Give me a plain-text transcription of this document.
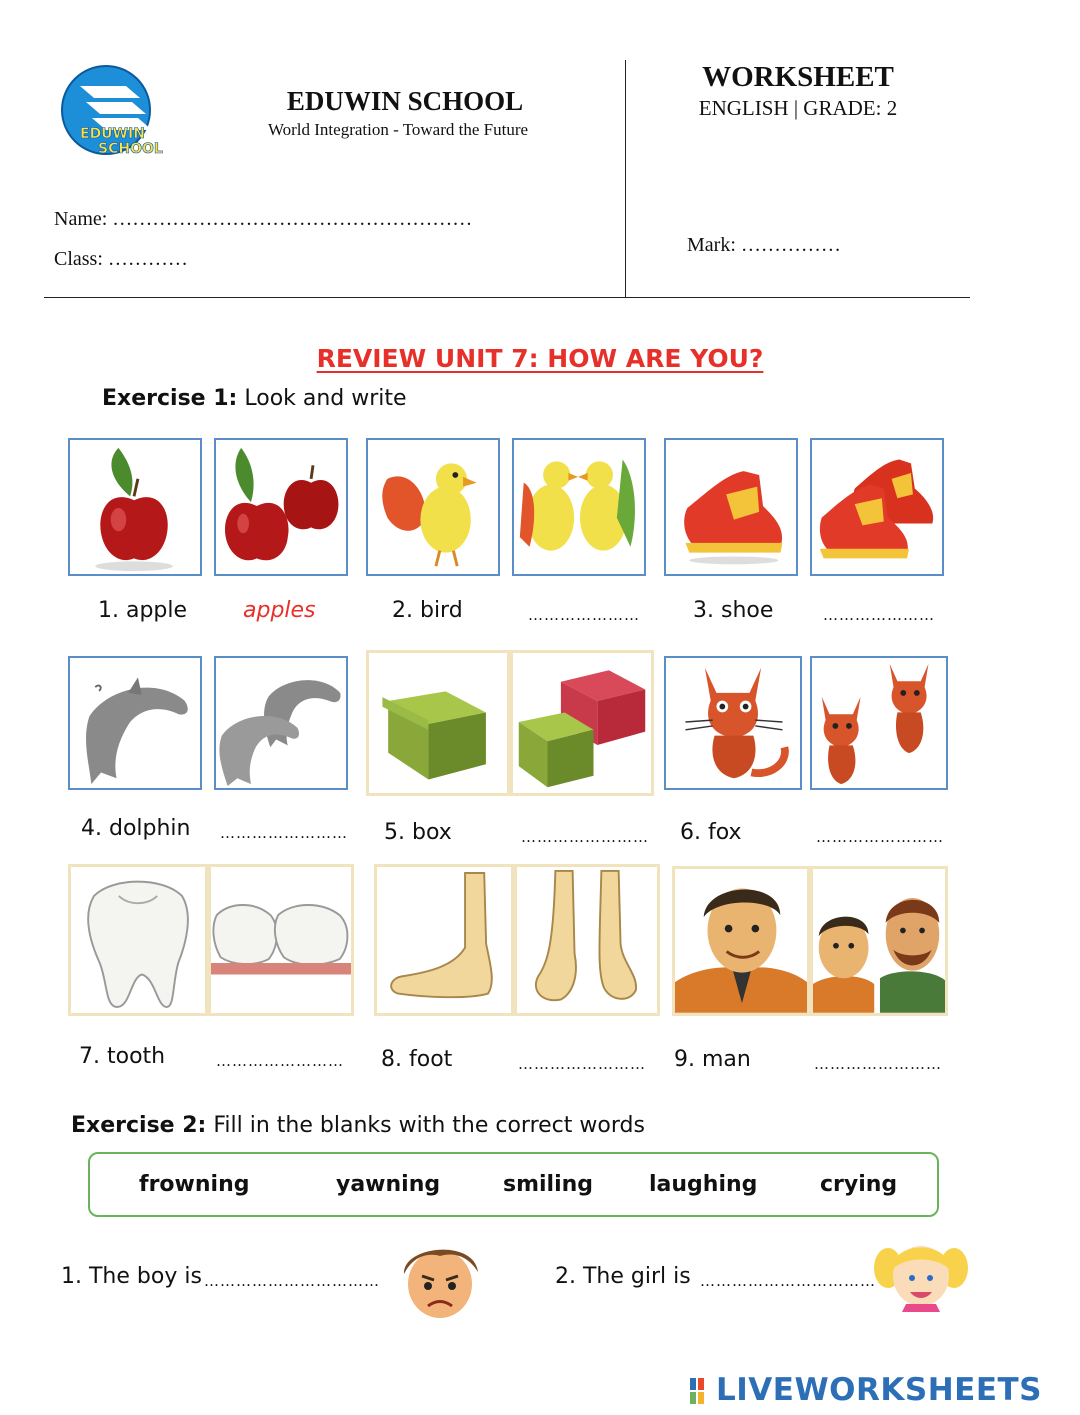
EDUWIN
SCHOOL
EDUWIN SCHOOL
World Integration - Toward the Future
Name: ………………………………………………
Class: …………
WORKSHEET
ENGLISH | GRADE: 2
Mark: ……………
REVIEW UNIT 7: HOW ARE YOU?
Exercise 1: Look and write
1. apple	apples	2. bird	………………… 3. shoe	…………………
4. dolphin …………………… 5. box	…………………… 6. fox	……………………
7. tooth	…………………… 8. foot	…………………… 9. man	……………………
Exercise 2: Fill in the blanks with the correct words
frowning	yawning	smiling	laughing	crying
1. The boy is ……………………………	2. The girl is ……………………………
LIVEWORKSHEETS
